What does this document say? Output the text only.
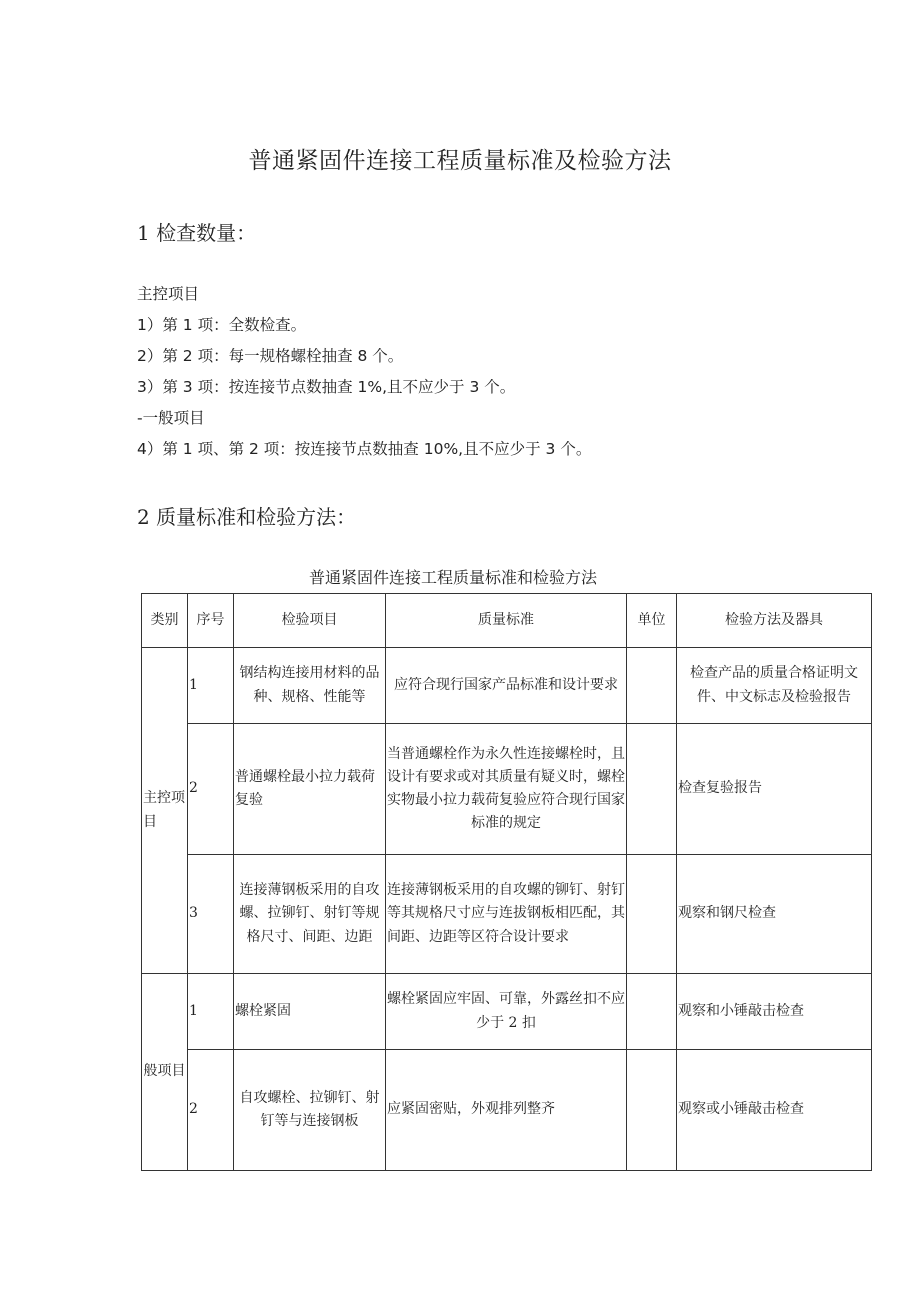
普通紧固件连接工程质量标准及检验方法
1 检查数量：
主控项目
1）第 1 项：全数检查。
2）第 2 项：每一规格螺栓抽查 8 个。
3）第 3 项：按连接节点数抽查 1%,且不应少于 3 个。
-一般项目
4）第 1 项、第 2 项：按连接节点数抽查 10%,且不应少于 3 个。
2 质量标准和检验方法：
普通紧固件连接工程质量标准和检验方法
类别	序号	检验项目	质量标准	单位	检验方法及器具
主控项目	1	钢结构连接用材料的品种、规格、性能等	应符合现行国家产品标准和设计要求		检查产品的质量合格证明文件、中文标志及检验报告
	2	普通螺栓最小拉力载荷复验	当普通螺栓作为永久性连接螺栓时，且设计有要求或对其质量有疑义时，螺栓实物最小拉力载荷复验应符合现行国家标准的规定		检查复验报告
	3	连接薄钢板采用的自攻螺、拉铆钉、射钉等规格尺寸、间距、边距	连接薄钢板采用的自攻螺的铆钉、射钉等其规格尺寸应与连拔钢板相匹配，其间距、边距等区符合设计要求		观察和钢尺检查
般项目	1	螺栓紧固	螺栓紧固应牢固、可靠，外露丝扣不应少于 2 扣		观察和小锤敲击检查
	2	自攻螺栓、拉铆钉、射钉等与连接钢板	应紧固密贴，外观排列整齐		观察或小锤敲击检查
